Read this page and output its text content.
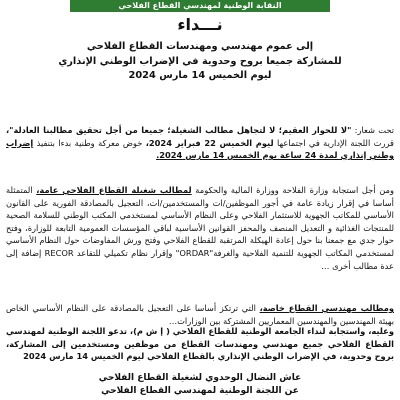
النقابة الوطنية لمهندسي القطاع الفلاحي
نـــداء
إلى عموم مهندسي ومهندسات القطاع الفلاحي
للمشاركة جميعا بروح وحدوية في الإضراب الوطني الإنذاري
ليوم الخميس 14 مارس 2024
تحت شعار: "لا للحوار العقيم؛ لا لتجاهل مطالب الشغيلة؛ جميعا من أجل تحقيق مطالبنا العادلة"، قررت اللجنة الإدارية في اجتماعها ليوم الخميس 22 فبراير 2024، خوض معركة وطنية بدءا بتنفيذ إضراب وطني إنذاري لمدة 24 ساعة يوم الخميس 14 مارس 2024.
ومن أجل استجابة وزارة الفلاحة ووزارة المالية والحكومة لمطالب شغيلة القطاع الفلاحي عامة، المتمثلة أساسا في إقرار زيادة عامة في أجور الموظفين/ات والمستخدمين/ات، التعجيل بالمصادقة الفورية على القانون الأساسي للمكاتب الجهوية للاستثمار الفلاحي وعلى النظام الأساسي لمستخدمي المكتب الوطني للسلامة الصحية للمنتجات الغذائية و التعديل المنصف والمحفز القوانين الأساسية لباقي المؤسسات العمومية التابعة للوزارة، وفتح حوار جدي مع جمعنا بنا حول إعادة الهيكلة المرتقبة للقطاع الفلاحي وفتح ورش المفاوضات حول النظام الأساسي لمستخدمي المكاتب الجهوية للتنمية الفلاحية والغرفة"ORDAR" وإقرار نظام تكميلي للتقاعد RECOR إضافة إلى عدة مطالب أخرى …
ومطالب مهندسي القطاع خاصة، التي ترتكز أساسا على التعجيل بالمصادقة على النظام الأساسي الخاص بهيئة المهندسين والمهندسين المعماريين المشتركة بين الوزارات…
وعليه، واستجابة لنداء الجامعة الوطنية للقطاع الفلاحي ( إ ش م)، تدعو اللجنة الوطنية لمهندسي القطاع الفلاحي جميع مهندسي ومهندسات القطاع من موظفين ومستخدمين إلى المشاركة، بروح وحدوية، في الإضراب الوطني الإنذاري بالقطاع الفلاحي ليوم الخميس 14 مارس 2024
عاش النضال الوحدوي لشغيلة القطاع الفلاحي
عن اللجنة الوطنية لمهندسي القطاع الفلاحي
